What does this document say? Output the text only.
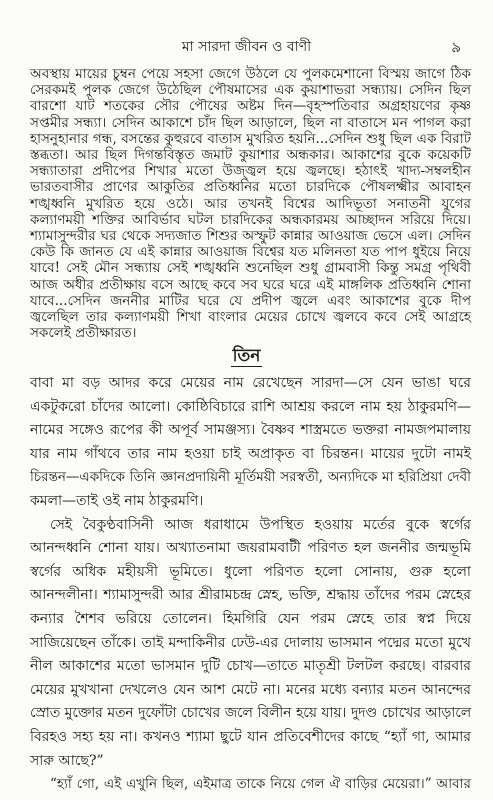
মা সারদা জীবন ও বাণী	৯
অবস্থায় মায়ের চুম্বন পেয়ে সহসা জেগে উঠলে যে পুলকমেশানো বিস্ময় জাগে ঠিক
সেরকমই পুলক জেগে উঠেছিল পৌষমাসের এক কুয়াশাভরা সন্ধ্যায়। সেদিন ছিল
বারশো যাট শতকের সৌর পৌষের অষ্টম দিন—বৃহস্পতিবার অগ্রহায়ণের কৃষ্ণ
সপ্তমীর সন্ধ্যা। সেদিন আকাশে চাঁদ ছিল আড়ালে, ছিল না বাতাসে মন পাগল করা
হাসনুহানার গন্ধ, বসন্তের কুহুরবে বাতাস মুখরিত হয়নি...সেদিন শুধু ছিল এক বিরাট
স্তব্ধতা। আর ছিল দিগন্তবিস্তৃত জমাট কুয়াশার অন্ধকার। আকাশের বুকে কয়েকটি
সন্ধ্যাতারা প্রদীপের শিখার মতো উজ্জ্বল হয়ে জ্বলছে। হঠাৎই খাদ্য-সম্বলহীন
ভারতবাসীর প্রাণের আকুতির প্রতিধ্বনির মতো চারদিকে পৌষলক্ষ্মীর আবাহন
শঙ্খধ্বনি মুখরিত হয়ে ওঠে। আর তখনই বিশ্বের আদিভূতা সনাতনী যুগের
কল্যাণময়ী শক্তির আবির্ভাব ঘটল চারদিকের অন্ধকারময় আচ্ছাদন সরিয়ে দিয়ে।
শ্যামাসুন্দরীর ঘর থেকে সদ্যজাত শিশুর অস্ফুট কান্নার আওয়াজ ভেসে এল। সেদিন
কেউ কি জানত যে এই কান্নার আওয়াজ বিশ্বের যত মলিনতা যত পাপ ধুইয়ে নিয়ে
যাবে! সেই মৌন সন্ধ্যায় সেই শঙ্খধ্বনি শুনেছিল শুধু গ্রামবাসী কিন্তু সমগ্র পৃথিবী
আজ অধীর প্রতীক্ষায় বসে আছে কবে সব ঘরে ঘরে এই মাঙ্গলিক প্রতিধ্বনি শোনা
যাবে...সেদিন জননীর মাটির ঘরে যে প্রদীপ জ্বলে এবং আকাশের বুকে দীপ
জ্বলেছিল তার কল্যাণময়ী শিখা বাংলার মেয়ের চোখে জ্বলবে কবে সেই আগ্রহে
সকলেই প্রতীক্ষারত।
তিন
বাবা মা বড় আদর করে মেয়ের নাম রেখেছেন সারদা—সে যেন ভাঙা ঘরে
একটুকরো চাঁদের আলো। কোষ্ঠিবিচারে রাশি আশ্রয় করলে নাম হয় ঠাকুরমণি—
নামের সঙ্গেও রূপের কী অপূর্ব সামঞ্জস্য। বৈষ্ণব শাস্ত্রমতে ভক্তরা নামজপমালায়
যার নাম গাঁথবে তার নাম হওয়া চাই অপ্রাকৃত বা চিরন্তন। মায়ের দুটো নামই
চিরন্তন—একদিকে তিনি জ্ঞানপ্রদায়িনী মূর্তিময়ী সরস্বতী, অন্যদিকে মা হরিপ্রিয়া দেবী
কমলা—তাই ওই নাম ঠাকুরমণি।
সেই বৈকুণ্ঠবাসিনী আজ ধরাধামে উপস্থিত হওয়ায় মর্তের বুকে স্বর্গের
আনন্দধ্বনি শোনা যায়। অখ্যাতনামা জয়রামবাটী পরিণত হল জননীর জন্মভূমি
স্বর্গের অধিক মহীয়সী ভূমিতে। ধুলো পরিণত হলো সোনায়, গুরু হলো
আনন্দলীনা। শ্যামাসুন্দরী আর শ্রীরামচন্দ্র স্নেহ, ভক্তি, শ্রদ্ধায় তাঁদের পরম স্নেহের
কন্যার শৈশব ভরিয়ে তোলেন। হিমগিরি যেন পরম স্নেহে তার স্বপ্ন দিয়ে
সাজিয়েছেন তাঁকে। তাই মন্দাকিনীর ঢেউ-এর দোলায় ভাসমান পদ্মের মতো মুখে
নীল আকাশের মতো ভাসমান দুটি চোখ—তাতে মাতৃশ্রী টলটল করছে। বারবার
মেয়ের মুখখানা দেখলেও যেন আশ মেটে না। মনের মধ্যে বন্যার মতন আনন্দের
স্রোত মুক্তোর মতন দুফোঁটা চোখের জলে বিলীন হয়ে যায়। দুদণ্ড চোখের আড়ালে
বিরহও সহ্য হয় না। কখনও শ্যামা ছুটে যান প্রতিবেশীদের কাছে “হ্যাঁ গা, আমার
সারু আছে?”
“হ্যাঁ গো, এই এখুনি ছিল, এইমাত্র তাকে নিয়ে গেল ঐ বাড়ির মেয়েরা।” আবার
